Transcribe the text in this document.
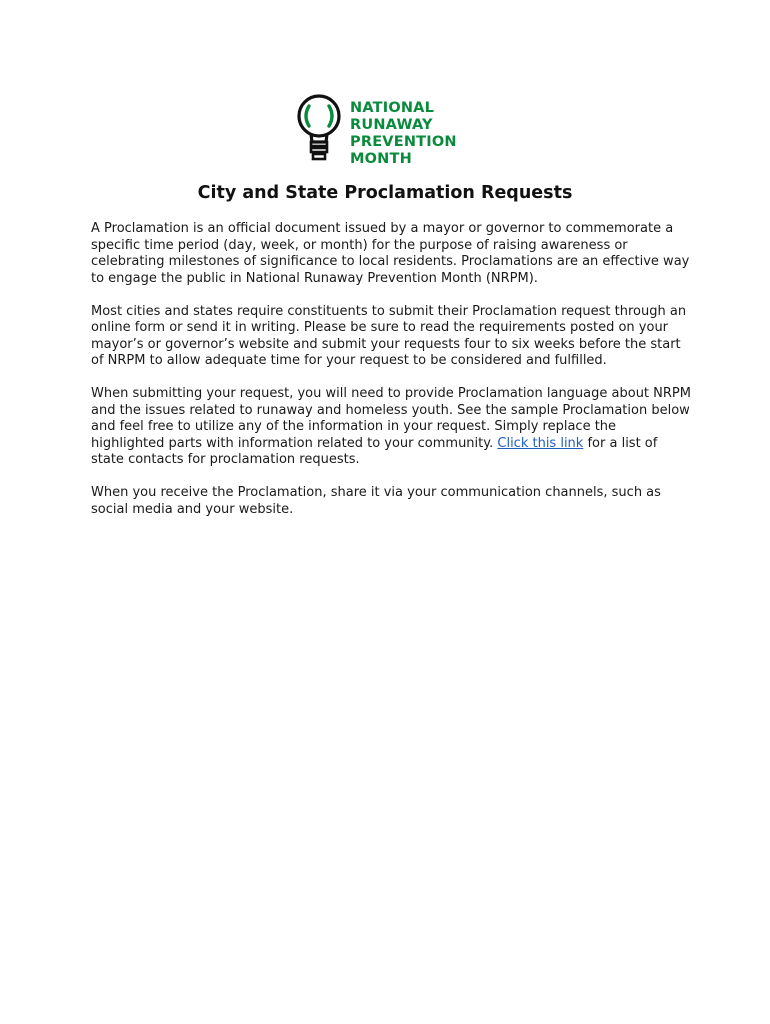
NATIONAL
RUNAWAY
PREVENTION
MONTH
City and State Proclamation Requests

A Proclamation is an official document issued by a mayor or governor to commemorate a specific time period (day, week, or month) for the purpose of raising awareness or celebrating milestones of significance to local residents. Proclamations are an effective way to engage the public in National Runaway Prevention Month (NRPM).

Most cities and states require constituents to submit their Proclamation request through an online form or send it in writing. Please be sure to read the requirements posted on your mayor’s or governor’s website and submit your requests four to six weeks before the start of NRPM to allow adequate time for your request to be considered and fulfilled.

When submitting your request, you will need to provide Proclamation language about NRPM and the issues related to runaway and homeless youth. See the sample Proclamation below and feel free to utilize any of the information in your request. Simply replace the highlighted parts with information related to your community. Click this link for a list of state contacts for proclamation requests.

When you receive the Proclamation, share it via your communication channels, such as social media and your website.
